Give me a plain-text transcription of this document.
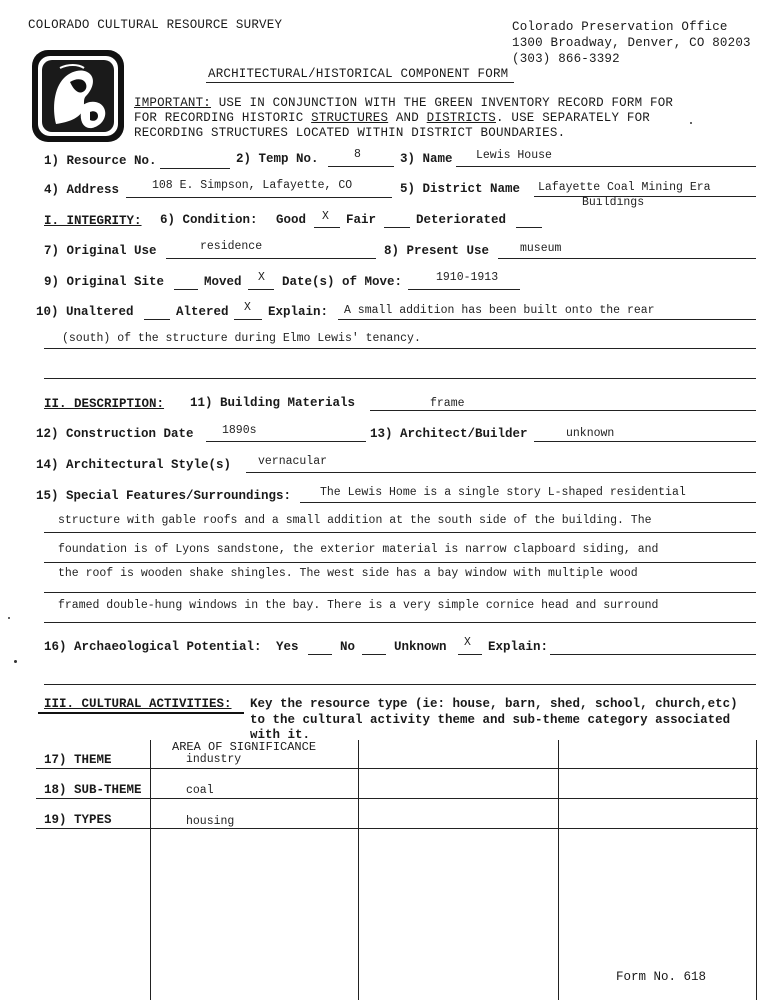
COLORADO CULTURAL RESOURCE SURVEY	Colorado Preservation Office
1300 Broadway, Denver, CO 80203
(303) 866-3392
ARCHITECTURAL/HISTORICAL COMPONENT FORM
IMPORTANT: USE IN CONJUNCTION WITH THE GREEN INVENTORY RECORD FORM FOR
FOR RECORDING HISTORIC STRUCTURES AND DISTRICTS. USE SEPARATELY FOR
RECORDING STRUCTURES LOCATED WITHIN DISTRICT BOUNDARIES.
1) Resource No.	2) Temp No.	8	3) Name Lewis House
4) Address	108 E. Simpson, Lafayette, CO	5) District Name Lafayette Coal Mining Era
Buildings
I. INTEGRITY: 6) Condition: Good X Fair	Deteriorated
7) Original Use	residence	8) Present Use	museum
9) Original Site	Moved X Date(s) of Move:	1910-1913
10) Unaltered	Altered X Explain: A small addition has been built onto the rear
(south) of the structure during Elmo Lewis' tenancy.
II. DESCRIPTION: 11) Building Materials	frame
12) Construction Date 1890s	13) Architect/Builder	unknown
14) Architectural Style(s) vernacular
15) Special Features/Surroundings:	The Lewis Home is a single story L-shaped residential
structure with gable roofs and a small addition at the south side of the building. The
foundation is of Lyons sandstone, the exterior material is narrow clapboard siding, and
the roof is wooden shake shingles. The west side has a bay window with multiple wood
framed double-hung windows in the bay. There is a very simple cornice head and surround
16) Archaeological Potential: Yes	No	Unknown X Explain:
III. CULTURAL ACTIVITIES: Key the resource type (ie: house, barn, shed, school, church,etc)
to the cultural activity theme and sub-theme category associated
with it.
AREA OF SIGNIFICANCE
17) THEME	industry
18) SUB-THEME	coal
19) TYPES	housing
Form No. 618
